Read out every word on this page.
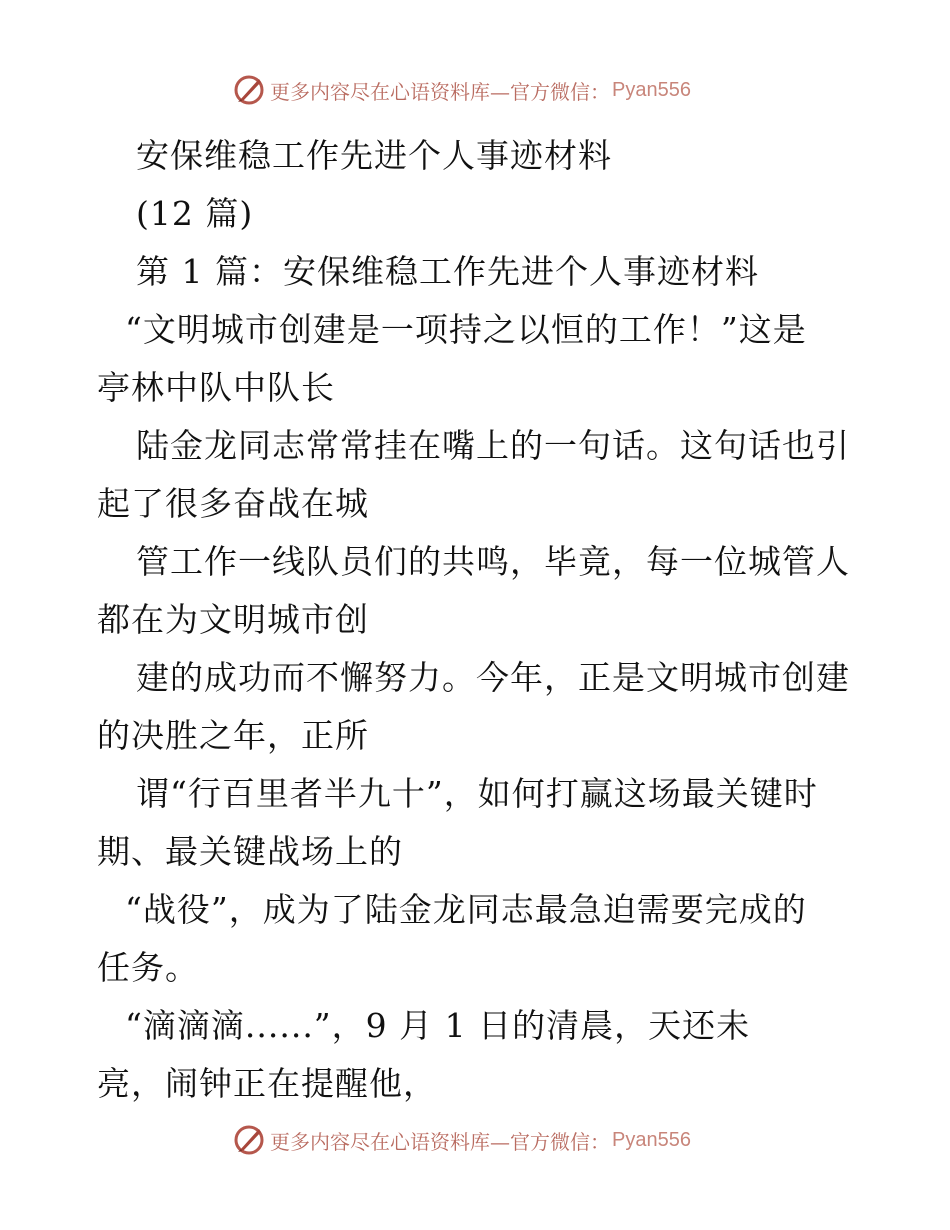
更多内容尽在心语资料库—官方微信： Pyan556
安保维稳工作先进个人事迹材料
(12 篇)
第 1 篇：安保维稳工作先进个人事迹材料
“文明城市创建是一项持之以恒的工作！”这是
亭林中队中队长
陆金龙同志常常挂在嘴上的一句话。这句话也引
起了很多奋战在城
管工作一线队员们的共鸣，毕竟，每一位城管人
都在为文明城市创
建的成功而不懈努力。今年，正是文明城市创建
的决胜之年，正所
谓“行百里者半九十”，如何打赢这场最关键时
期、最关键战场上的
“战役”，成为了陆金龙同志最急迫需要完成的
任务。
“滴滴滴......”，9 月 1 日的清晨，天还未
亮，闹钟正在提醒他，
更多内容尽在心语资料库—官方微信： Pyan556
